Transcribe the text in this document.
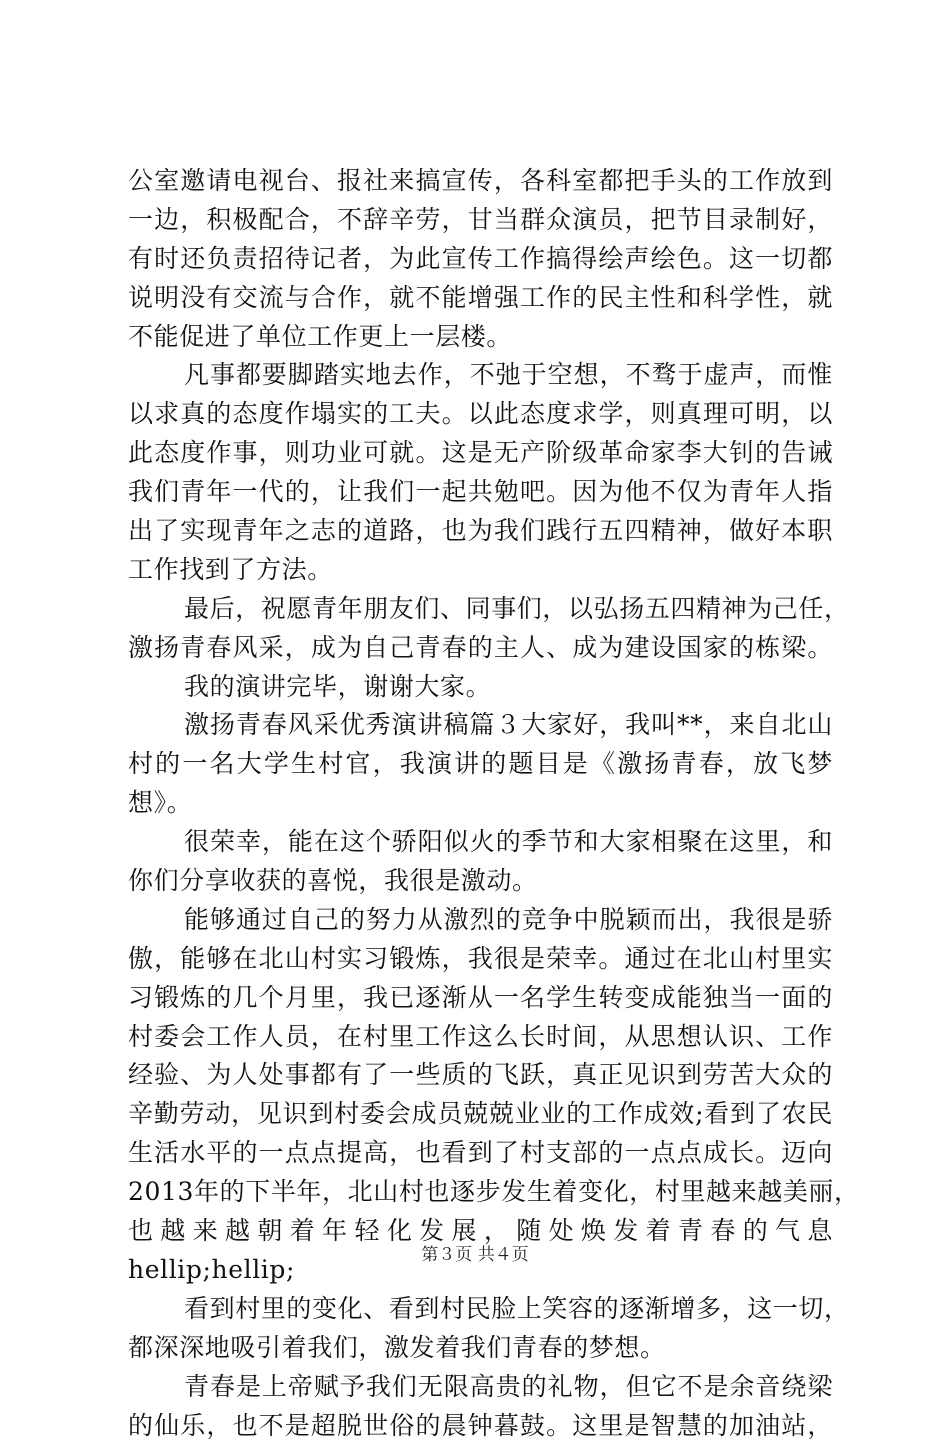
公室邀请电视台、报社来搞宣传，各科室都把手头的工作放到
一边，积极配合，不辞辛劳，甘当群众演员，把节目录制好，
有时还负责招待记者，为此宣传工作搞得绘声绘色。这一切都
说明没有交流与合作，就不能增强工作的民主性和科学性，就
不能促进了单位工作更上一层楼。
凡事都要脚踏实地去作，不弛于空想，不骛于虚声，而惟
以求真的态度作塌实的工夫。以此态度求学，则真理可明，以
此态度作事，则功业可就。这是无产阶级革命家李大钊的告诫
我们青年一代的，让我们一起共勉吧。因为他不仅为青年人指
出了实现青年之志的道路，也为我们践行五四精神，做好本职
工作找到了方法。
最后，祝愿青年朋友们、同事们，以弘扬五四精神为己任，
激扬青春风采，成为自己青春的主人、成为建设国家的栋梁。
我的演讲完毕，谢谢大家。
激扬青春风采优秀演讲稿篇３大家好，我叫**，来自北山
村的一名大学生村官，我演讲的题目是《激扬青春，放飞梦
想》。
很荣幸，能在这个骄阳似火的季节和大家相聚在这里，和
你们分享收获的喜悦，我很是激动。
能够通过自己的努力从激烈的竞争中脱颖而出，我很是骄
傲，能够在北山村实习锻炼，我很是荣幸。通过在北山村里实
习锻炼的几个月里，我已逐渐从一名学生转变成能独当一面的
村委会工作人员，在村里工作这么长时间，从思想认识、工作
经验、为人处事都有了一些质的飞跃，真正见识到劳苦大众的
辛勤劳动，见识到村委会成员兢兢业业的工作成效;看到了农民
生活水平的一点点提高，也看到了村支部的一点点成长。迈向
2013年的下半年，北山村也逐步发生着变化，村里越来越美丽，
也越来越朝着年轻化发展，随处焕发着青春的气息
hellip;hellip;
看到村里的变化、看到村民脸上笑容的逐渐增多，这一切，
都深深地吸引着我们，激发着我们青春的梦想。
青春是上帝赋予我们无限高贵的礼物，但它不是余音绕梁
的仙乐，也不是超脱世俗的晨钟暮鼓。这里是智慧的加油站，
第３页 共４页
